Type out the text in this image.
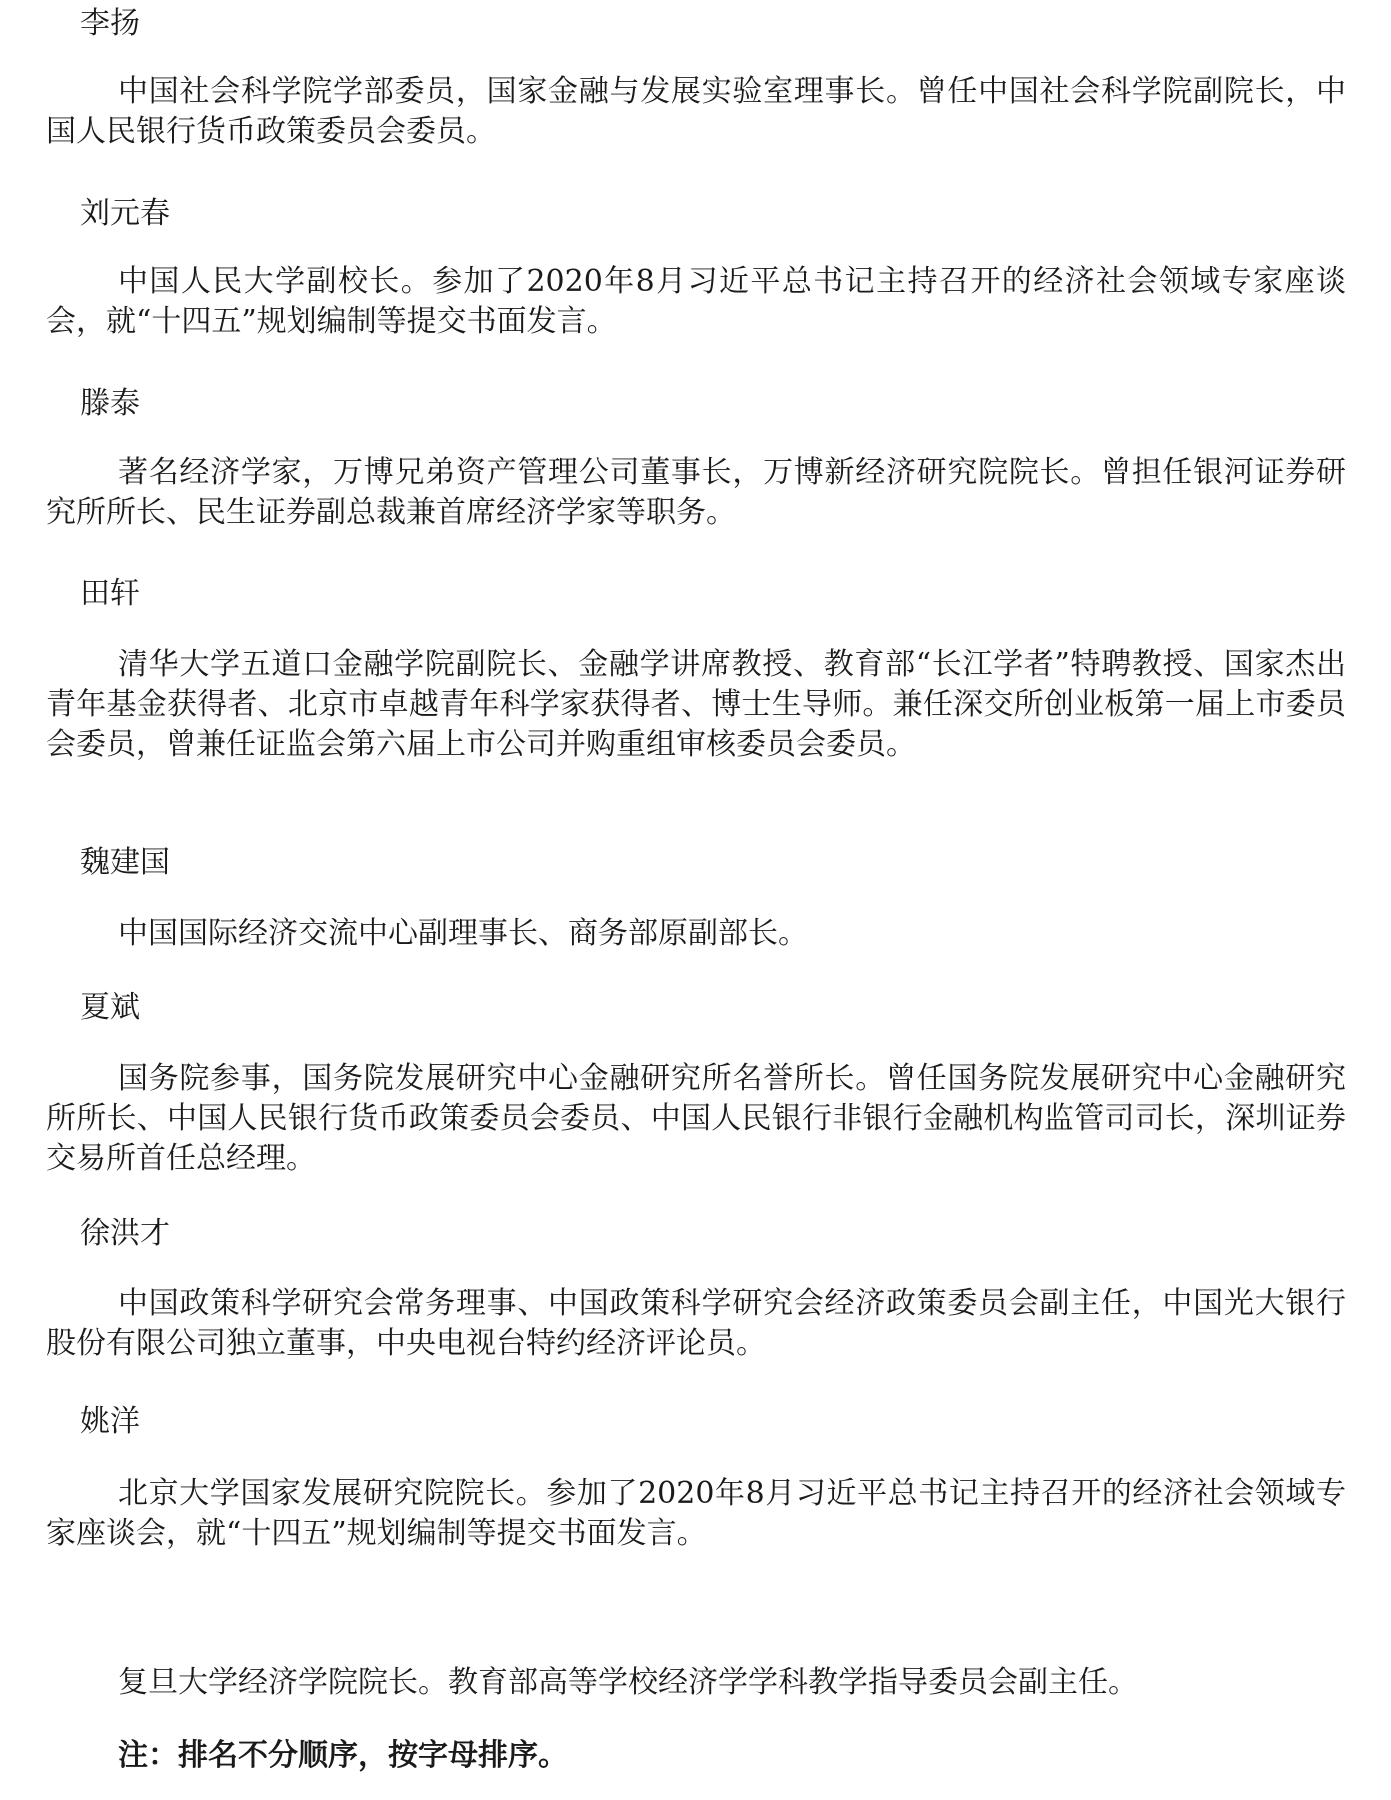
李扬
中国社会科学院学部委员，国家金融与发展实验室理事长。曾任中国社会科学院副院长，中国人民银行货币政策委员会委员。
刘元春
中国人民大学副校长。参加了2020年8月习近平总书记主持召开的经济社会领域专家座谈会，就“十四五”规划编制等提交书面发言。
滕泰
著名经济学家，万博兄弟资产管理公司董事长，万博新经济研究院院长。曾担任银河证券研究所所长、民生证券副总裁兼首席经济学家等职务。
田轩
清华大学五道口金融学院副院长、金融学讲席教授、教育部“长江学者”特聘教授、国家杰出青年基金获得者、北京市卓越青年科学家获得者、博士生导师。兼任深交所创业板第一届上市委员会委员，曾兼任证监会第六届上市公司并购重组审核委员会委员。
魏建国
中国国际经济交流中心副理事长、商务部原副部长。
夏斌
国务院参事，国务院发展研究中心金融研究所名誉所长。曾任国务院发展研究中心金融研究所所长、中国人民银行货币政策委员会委员、中国人民银行非银行金融机构监管司司长，深圳证券交易所首任总经理。
徐洪才
中国政策科学研究会常务理事、中国政策科学研究会经济政策委员会副主任，中国光大银行股份有限公司独立董事，中央电视台特约经济评论员。
姚洋
北京大学国家发展研究院院长。参加了2020年8月习近平总书记主持召开的经济社会领域专家座谈会，就“十四五”规划编制等提交书面发言。
复旦大学经济学院院长。教育部高等学校经济学学科教学指导委员会副主任。
注：排名不分顺序，按字母排序。
